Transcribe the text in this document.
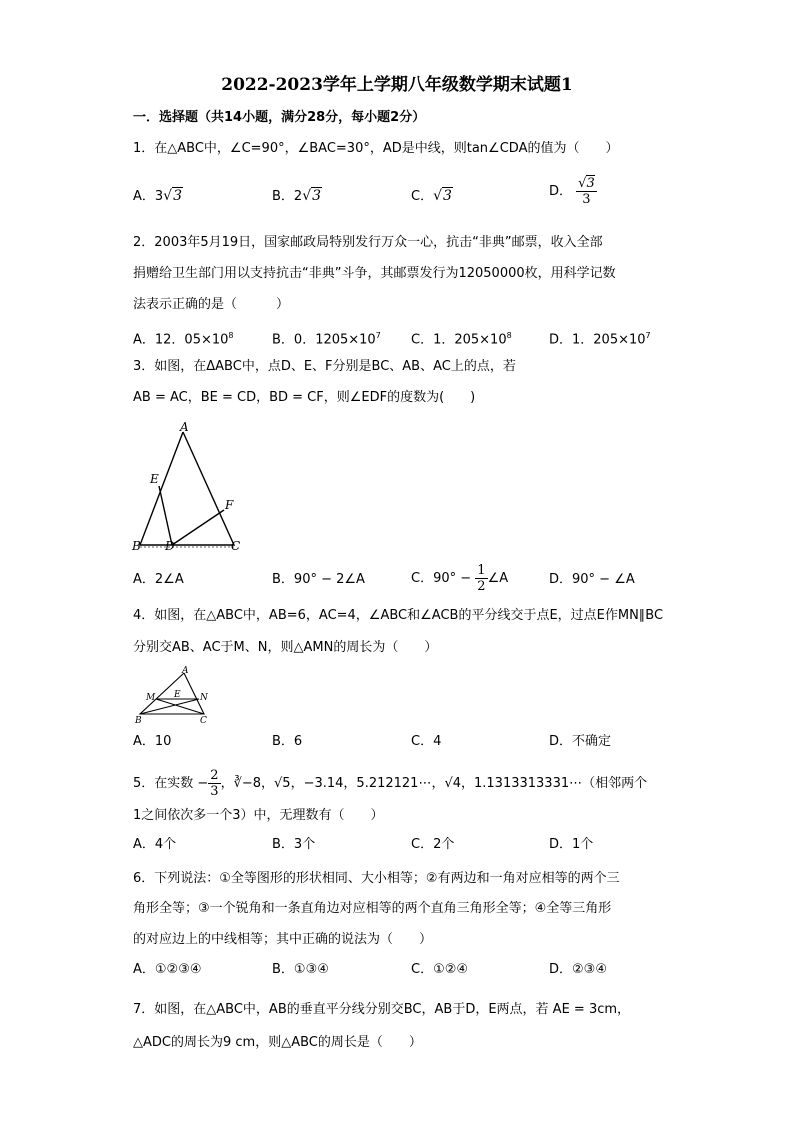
2022-2023学年上学期八年级数学期末试题1
一．选择题（共14小题，满分28分，每小题2分）
1．在△ABC中，∠C=90°，∠BAC=30°，AD是中线，则tan∠CDA的值为（　　）
A．3√3	B．2√3	C．√3	D． $\frac{√3}{3}$
2．2003年5月19日，国家邮政局特别发行万众一心，抗击“非典”邮票，收入全部
捐赠给卫生部门用以支持抗击“非典”斗争，其邮票发行为12050000枚，用科学记数
法表示正确的是（　　　）
A．12．$05\times 10^8$	B．0．$1205\times 10^7$ C．1．$205\times 10^8$	D．1．$205\times 10^7$
3．如图，在ΔABC中，点D、E、F分别是BC、AB、AC上的点，若
AB = AC，BE = CD，BD = CF，则∠EDF的度数为(　　)
A
E
F
B D	C
A．2∠A	B．90° − 2∠A	C．$90^\circ - \frac{1}{2}$ ∠A	D．90° − ∠A
4．如图，在△ABC中，AB=6，AC=4，∠ABC和∠ACB的平分线交于点E，过点E作MN∥BC
分别交AB、AC于M、N，则△AMN的周长为（　　）
A
M E N
B	C
A．10	B．6	C．4	D．不确定
5．在实数 − $\frac{2}{3}$ ，∛−8，√5，−3.14，5.212121⋯，√4，1.1313313331⋯（相邻两个
1之间依次多一个3）中，无理数有（　　）
A．4个	B．3个	C．2个	D．1个
6．下列说法：①全等图形的形状相同、大小相等；②有两边和一角对应相等的两个三
角形全等；③一个锐角和一条直角边对应相等的两个直角三角形全等；④全等三角形
的对应边上的中线相等；其中正确的说法为（　　）
A．①②③④	B．①③④	C．①②④	D．②③④
7．如图，在△ABC中，AB的垂直平分线分别交BC，AB于D，E两点，若 AE = 3cm，
△ADC的周长为9 cm，则△ABC的周长是（　　）
